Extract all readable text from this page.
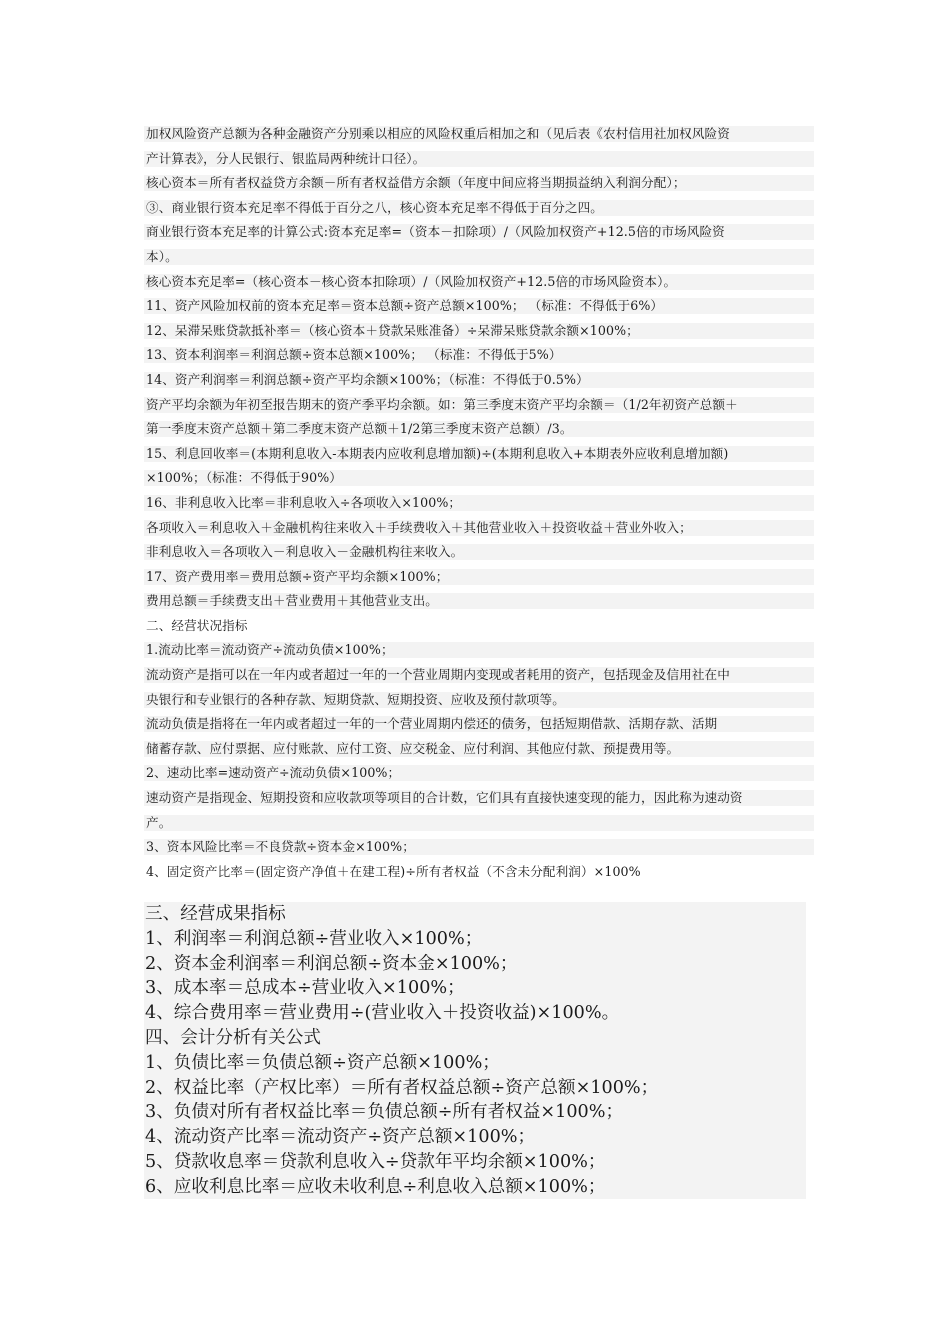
加权风险资产总额为各种金融资产分别乘以相应的风险权重后相加之和（见后表《农村信用社加权风险资
产计算表》，分人民银行、银监局两种统计口径）。
核心资本＝所有者权益贷方余额－所有者权益借方余额（年度中间应将当期损益纳入利润分配）；
③、商业银行资本充足率不得低于百分之八，核心资本充足率不得低于百分之四。
商业银行资本充足率的计算公式:资本充足率=（资本－扣除项）/（风险加权资产+12.5倍的市场风险资
本）。
核心资本充足率=（核心资本－核心资本扣除项）/（风险加权资产+12.5倍的市场风险资本）。
11、资产风险加权前的资本充足率＝资本总额÷资产总额×100%； （标准：不得低于6%）
12、呆滞呆账贷款抵补率＝（核心资本＋贷款呆账准备）÷呆滞呆账贷款余额×100%；
13、资本利润率＝利润总额÷资本总额×100%； （标准：不得低于5%）
14、资产利润率＝利润总额÷资产平均余额×100%；（标准：不得低于0.5%）
资产平均余额为年初至报告期末的资产季平均余额。如：第三季度末资产平均余额＝（1/2年初资产总额＋
第一季度末资产总额＋第二季度末资产总额＋1/2第三季度末资产总额）/3。
15、利息回收率＝(本期利息收入-本期表内应收利息增加额)÷(本期利息收入+本期表外应收利息增加额)
×100%；（标准：不得低于90%）
16、非利息收入比率＝非利息收入÷各项收入×100%；
各项收入＝利息收入＋金融机构往来收入＋手续费收入＋其他营业收入＋投资收益＋营业外收入；
非利息收入＝各项收入－利息收入－金融机构往来收入。
17、资产费用率＝费用总额÷资产平均余额×100%；
费用总额＝手续费支出＋营业费用＋其他营业支出。
二、经营状况指标
1.流动比率＝流动资产÷流动负债×100%；
流动资产是指可以在一年内或者超过一年的一个营业周期内变现或者耗用的资产，包括现金及信用社在中
央银行和专业银行的各种存款、短期贷款、短期投资、应收及预付款项等。
流动负债是指将在一年内或者超过一年的一个营业周期内偿还的债务，包括短期借款、活期存款、活期
储蓄存款、应付票据、应付账款、应付工资、应交税金、应付利润、其他应付款、预提费用等。
2、速动比率=速动资产÷流动负债×100%；
速动资产是指现金、短期投资和应收款项等项目的合计数，它们具有直接快速变现的能力，因此称为速动资
产。
3、资本风险比率＝不良贷款÷资本金×100%；
4、固定资产比率＝(固定资产净值＋在建工程)÷所有者权益（不含未分配利润）×100%
三、经营成果指标
1、利润率＝利润总额÷营业收入×100%；
2、资本金利润率＝利润总额÷资本金×100%；
3、成本率＝总成本÷营业收入×100%；
4、综合费用率＝营业费用÷(营业收入＋投资收益)×100%。
四、会计分析有关公式
1、负债比率＝负债总额÷资产总额×100%；
2、权益比率（产权比率）＝所有者权益总额÷资产总额×100%；
3、负债对所有者权益比率＝负债总额÷所有者权益×100%；
4、流动资产比率＝流动资产÷资产总额×100%；
5、贷款收息率＝贷款利息收入÷贷款年平均余额×100%；
6、应收利息比率＝应收未收利息÷利息收入总额×100%；
